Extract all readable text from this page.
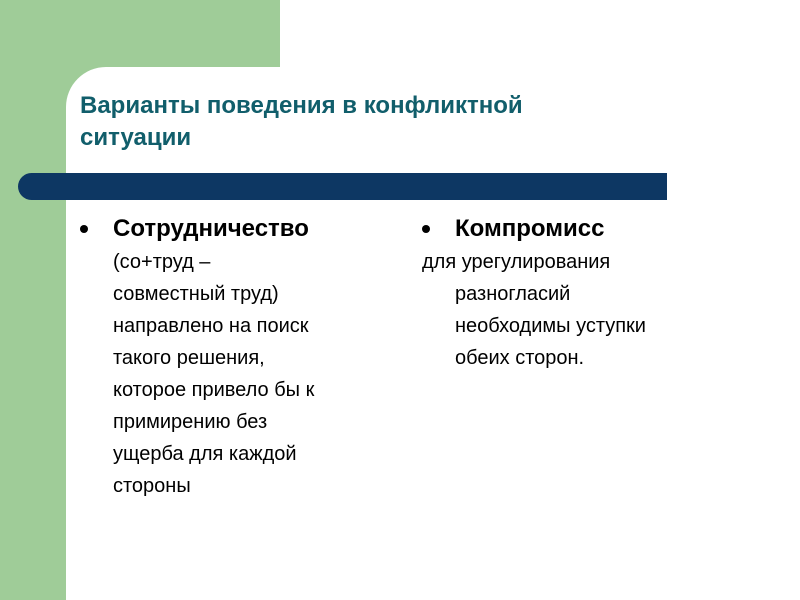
Варианты поведения в конфликтной
ситуации
Сотрудничество
(со+труд –
совместный труд)
направлено на поиск
такого решения,
которое привело бы к
примирению без
ущерба для каждой
стороны
Компромисс
для урегулирования
разногласий
необходимы уступки
обеих сторон.
